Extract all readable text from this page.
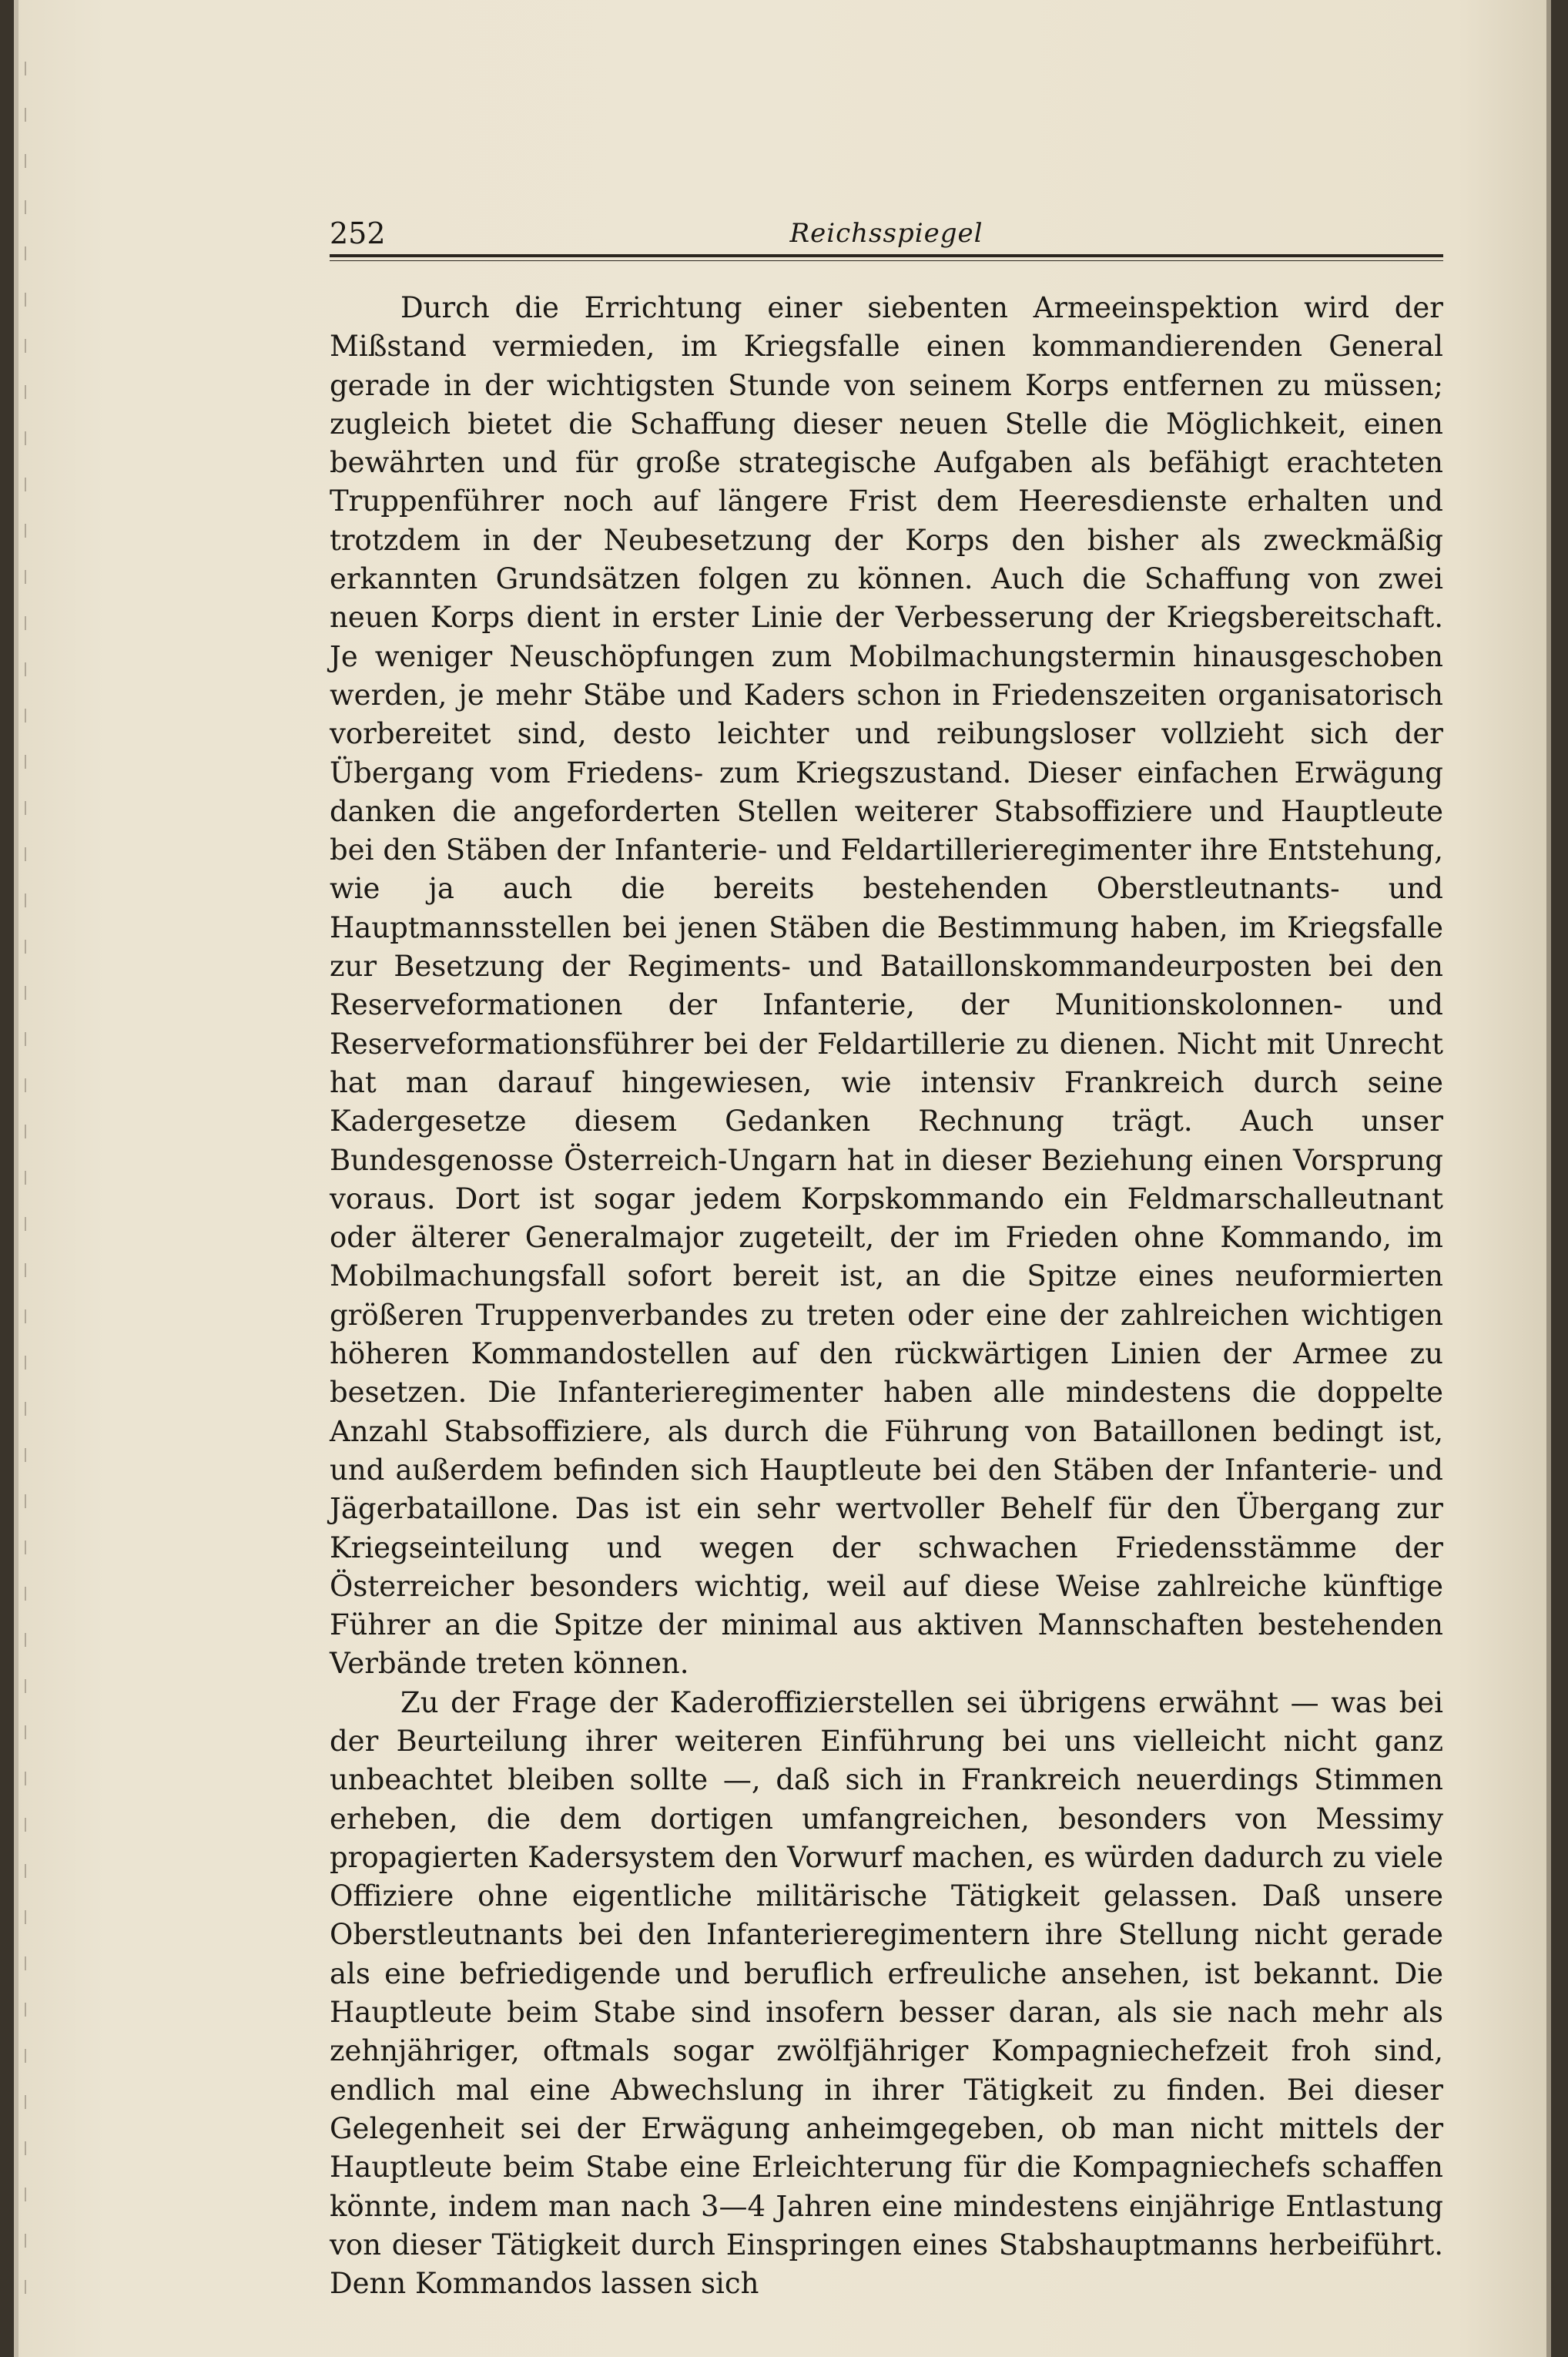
252	Reichsspiegel

Durch die Errichtung einer siebenten Armeeinspektion wird der Mißstand vermieden, im Kriegsfalle einen kommandierenden General gerade in der wichtigsten Stunde von seinem Korps entfernen zu müssen; zugleich bietet die Schaffung dieser neuen Stelle die Möglichkeit, einen bewährten und für große strategische Aufgaben als befähigt erachteten Truppenführer noch auf längere Frist dem Heeresdienste erhalten und trotzdem in der Neubesetzung der Korps den bisher als zweckmäßig erkannten Grundsätzen folgen zu können. Auch die Schaffung von zwei neuen Korps dient in erster Linie der Verbesserung der Kriegsbereitschaft. Je weniger Neuschöpfungen zum Mobilmachungstermin hinausgeschoben werden, je mehr Stäbe und Kaders schon in Friedenszeiten organisatorisch vorbereitet sind, desto leichter und reibungsloser vollzieht sich der Übergang vom Friedens- zum Kriegszustand. Dieser einfachen Erwägung danken die angeforderten Stellen weiterer Stabsoffiziere und Hauptleute bei den Stäben der Infanterie- und Feldartillerieregimenter ihre Entstehung, wie ja auch die bereits bestehenden Oberstleutnants- und Hauptmannsstellen bei jenen Stäben die Bestimmung haben, im Kriegsfalle zur Besetzung der Regiments- und Bataillonskommandeurposten bei den Reserveformationen der Infanterie, der Munitionskolonnen- und Reserveformationsführer bei der Feldartillerie zu dienen. Nicht mit Unrecht hat man darauf hingewiesen, wie intensiv Frankreich durch seine Kadergesetze diesem Gedanken Rechnung trägt. Auch unser Bundesgenosse Österreich-Ungarn hat in dieser Beziehung einen Vorsprung voraus. Dort ist sogar jedem Korpskommando ein Feldmarschalleutnant oder älterer Generalmajor zugeteilt, der im Frieden ohne Kommando, im Mobilmachungsfall sofort bereit ist, an die Spitze eines neuformierten größeren Truppenverbandes zu treten oder eine der zahlreichen wichtigen höheren Kommandostellen auf den rückwärtigen Linien der Armee zu besetzen. Die Infanterieregimenter haben alle mindestens die doppelte Anzahl Stabsoffiziere, als durch die Führung von Bataillonen bedingt ist, und außerdem befinden sich Hauptleute bei den Stäben der Infanterie- und Jägerbataillone. Das ist ein sehr wertvoller Behelf für den Übergang zur Kriegseinteilung und wegen der schwachen Friedensstämme der Österreicher besonders wichtig, weil auf diese Weise zahlreiche künftige Führer an die Spitze der minimal aus aktiven Mannschaften bestehenden Verbände treten können.

Zu der Frage der Kaderoffizierstellen sei übrigens erwähnt — was bei der Beurteilung ihrer weiteren Einführung bei uns vielleicht nicht ganz unbeachtet bleiben sollte —, daß sich in Frankreich neuerdings Stimmen erheben, die dem dortigen umfangreichen, besonders von Messimy propagierten Kadersystem den Vorwurf machen, es würden dadurch zu viele Offiziere ohne eigentliche militärische Tätigkeit gelassen. Daß unsere Oberstleutnants bei den Infanterieregimentern ihre Stellung nicht gerade als eine befriedigende und beruflich erfreuliche ansehen, ist bekannt. Die Hauptleute beim Stabe sind insofern besser daran, als sie nach mehr als zehnjähriger, oftmals sogar zwölfjähriger Kompagniechefzeit froh sind, endlich mal eine Abwechslung in ihrer Tätigkeit zu finden. Bei dieser Gelegenheit sei der Erwägung anheimgegeben, ob man nicht mittels der Hauptleute beim Stabe eine Erleichterung für die Kompagniechefs schaffen könnte, indem man nach 3—4 Jahren eine mindestens einjährige Entlastung von dieser Tätigkeit durch Einspringen eines Stabshauptmanns herbeiführt. Denn Kommandos lassen sich
